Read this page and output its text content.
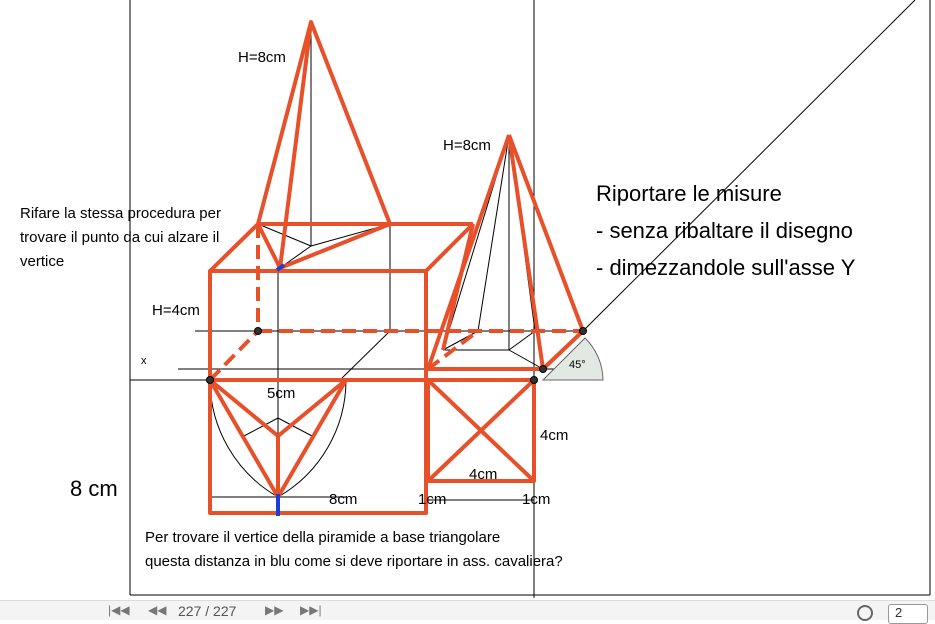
H=8cm
H=8cm
H=4cm
x	45°
5cm
8cm	1cm	1cm
4cm
4cm
8 cm
Rifare la stessa procedura per trovare il punto da cui alzare il vertice
Riportare le misure
- senza ribaltare il disegno
- dimezzandole sull'asse Y
Per trovare il vertice della piramide a base triangolare
questa distanza in blu come si deve riportare in ass. cavaliera?
|◀◀ ◀◀ 227 / 227 ▶▶ ▶▶|	2
